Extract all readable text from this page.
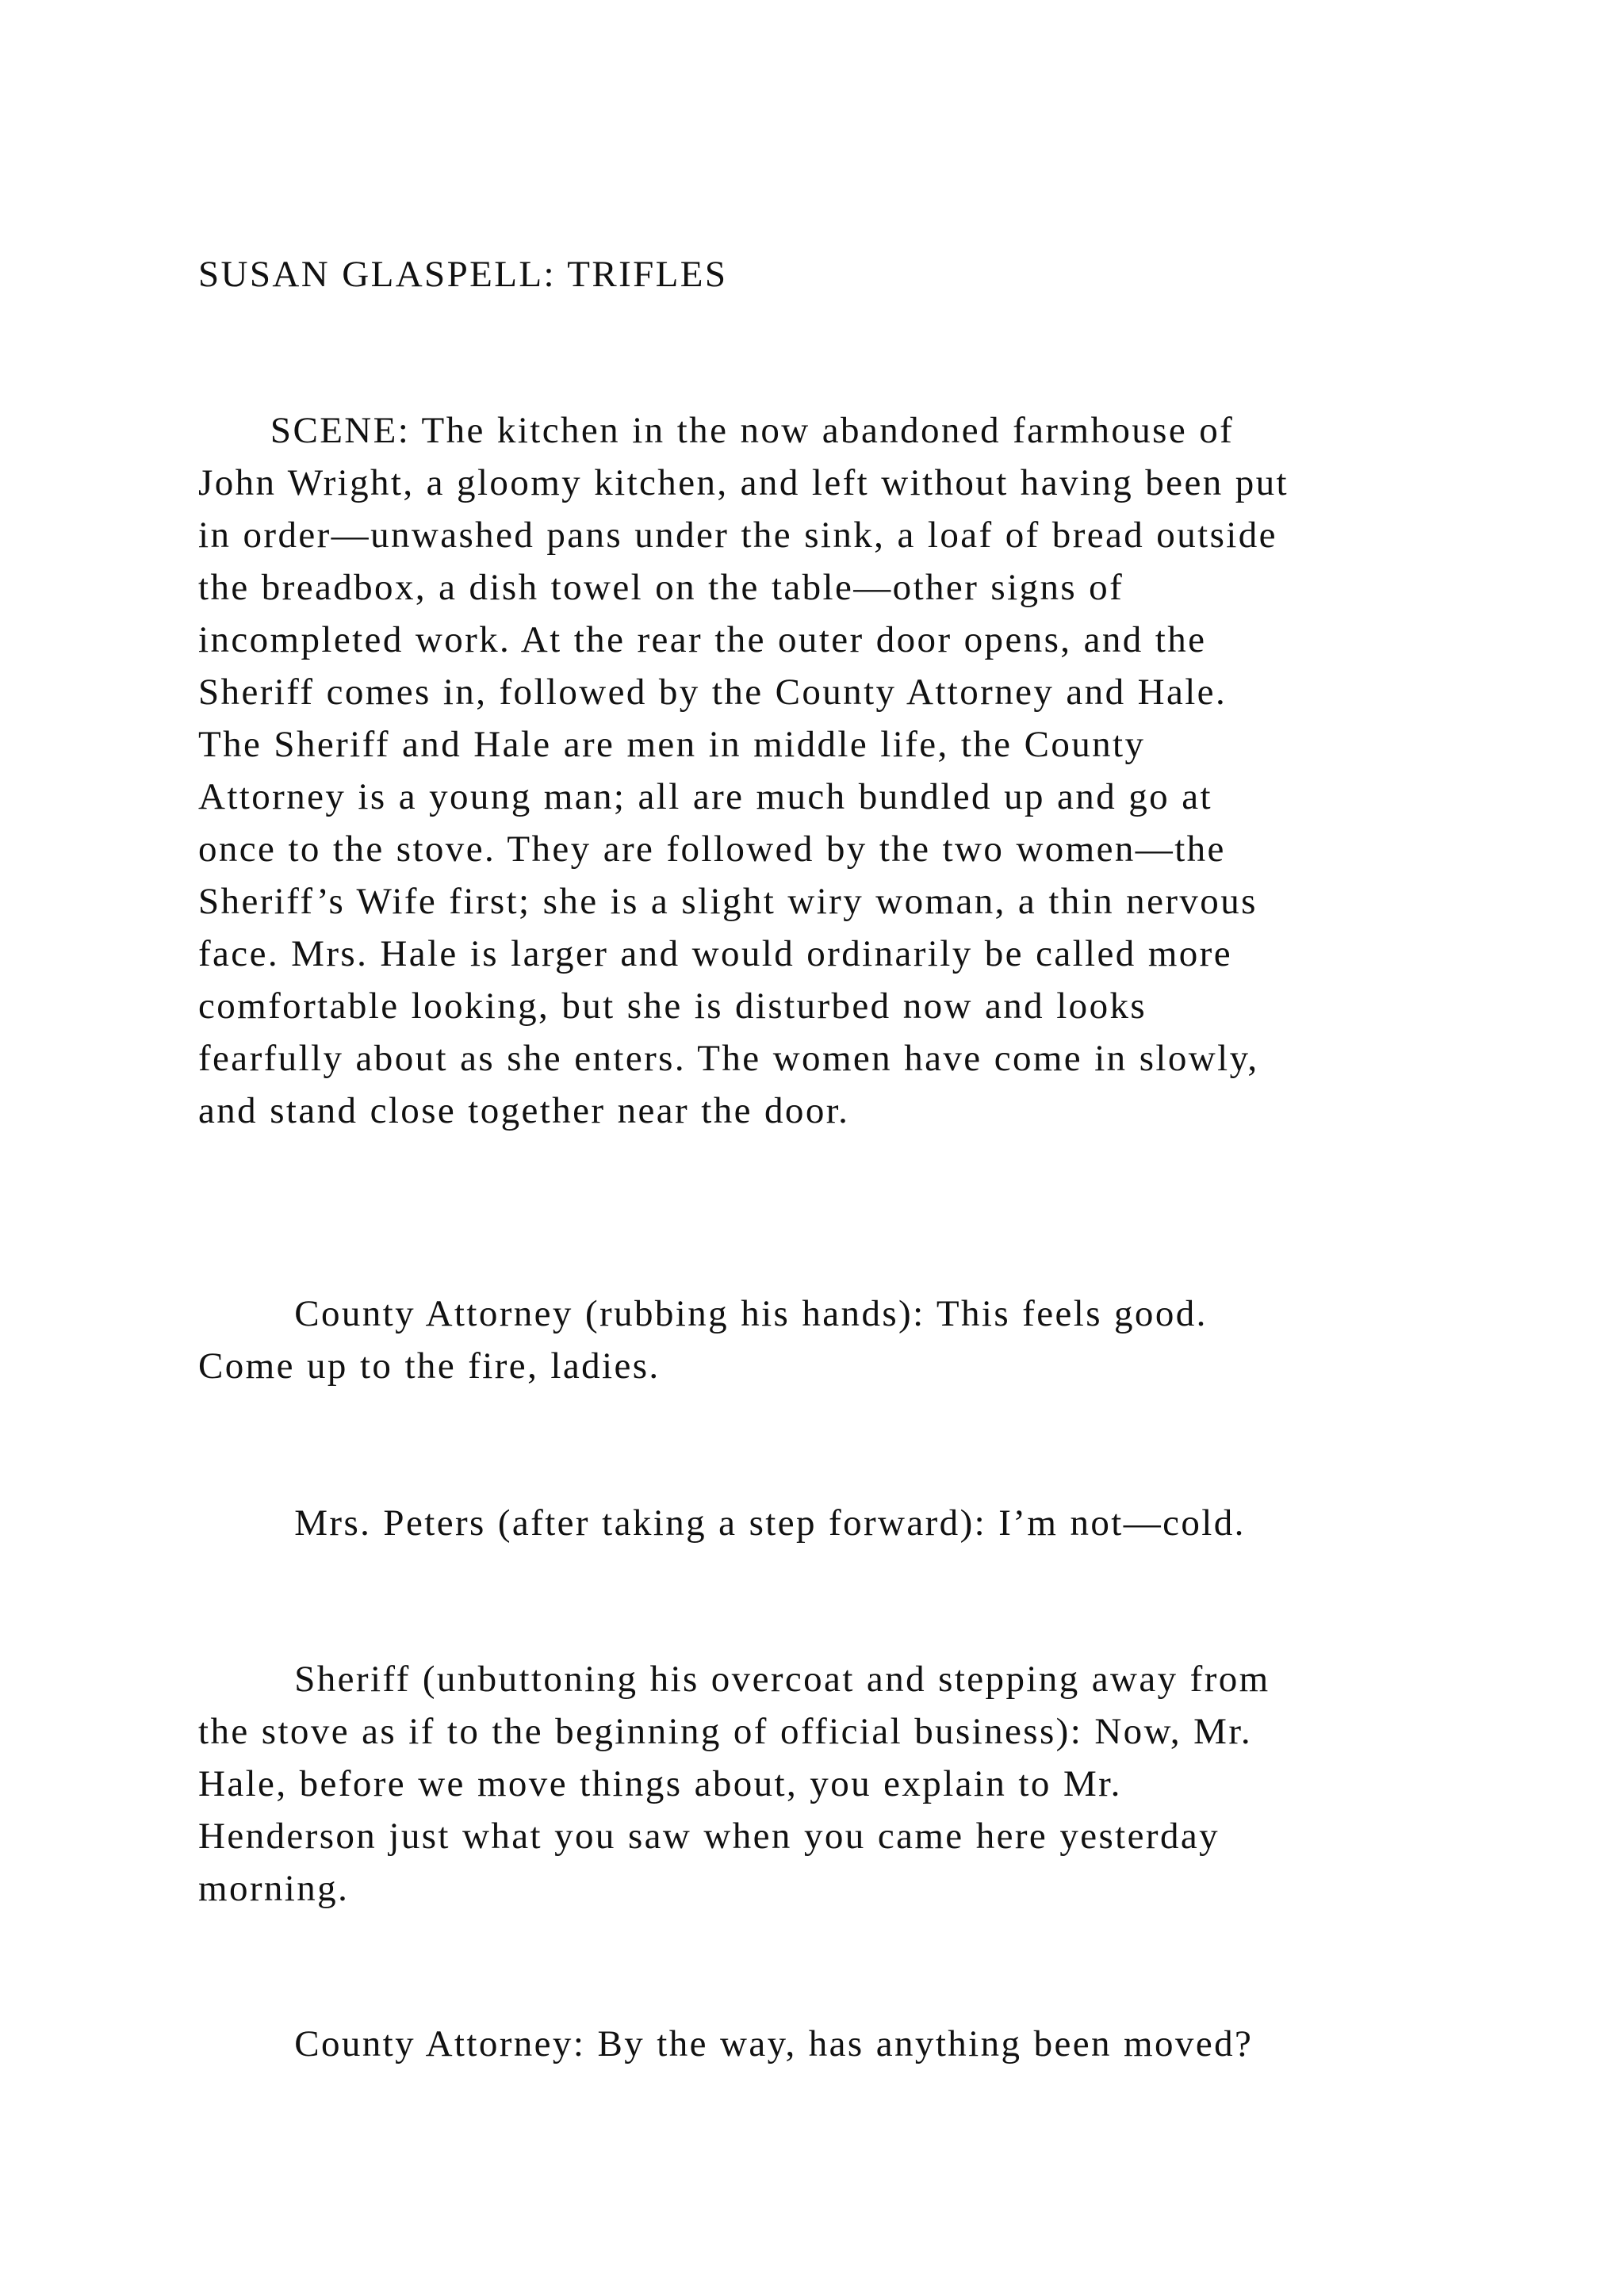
SUSAN GLASPELL: TRIFLES
SCENE: The kitchen in the now abandoned farmhouse of
John Wright, a gloomy kitchen, and left without having been put
in order—unwashed pans under the sink, a loaf of bread outside
the breadbox, a dish towel on the table—other signs of
incompleted work. At the rear the outer door opens, and the
Sheriff comes in, followed by the County Attorney and Hale.
The Sheriff and Hale are men in middle life, the County
Attorney is a young man; all are much bundled up and go at
once to the stove. They are followed by the two women—the
Sheriff’s Wife first; she is a slight wiry woman, a thin nervous
face. Mrs. Hale is larger and would ordinarily be called more
comfortable looking, but she is disturbed now and looks
fearfully about as she enters. The women have come in slowly,
and stand close together near the door.
County Attorney (rubbing his hands): This feels good.
Come up to the fire, ladies.
Mrs. Peters (after taking a step forward): I’m not—cold.
Sheriff (unbuttoning his overcoat and stepping away from
the stove as if to the beginning of official business): Now, Mr.
Hale, before we move things about, you explain to Mr.
Henderson just what you saw when you came here yesterday
morning.
County Attorney: By the way, has anything been moved?
